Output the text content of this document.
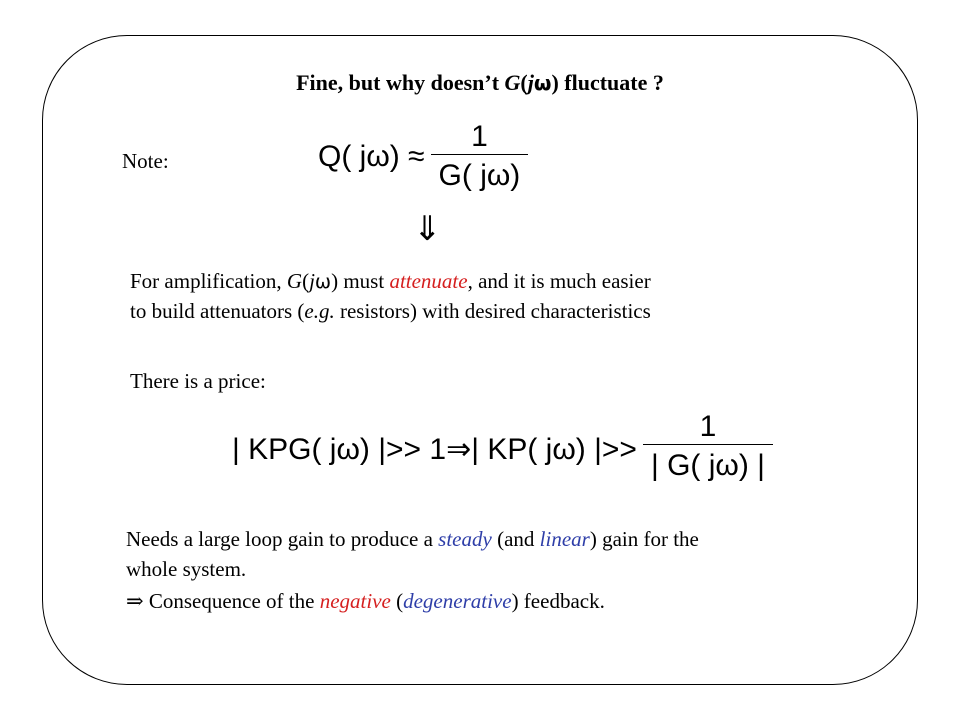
Fine, but why doesn’t G(jω) fluctuate ?
Note:	Q( $j\omega) \approx \frac{1}{G( j\omega)}$
⇓
For amplification, G(jω) must attenuate, and it is much easier
to build attenuators (e.g. resistors) with desired characteristics
There is a price:
| KPG( jω) |>> 1⇒| KP( jω) |>> $\frac{1}{| G( j\omega) |}$
Needs a large loop gain to produce a steady (and linear) gain for the
whole system.
⇒ Consequence of the negative (degenerative) feedback.
